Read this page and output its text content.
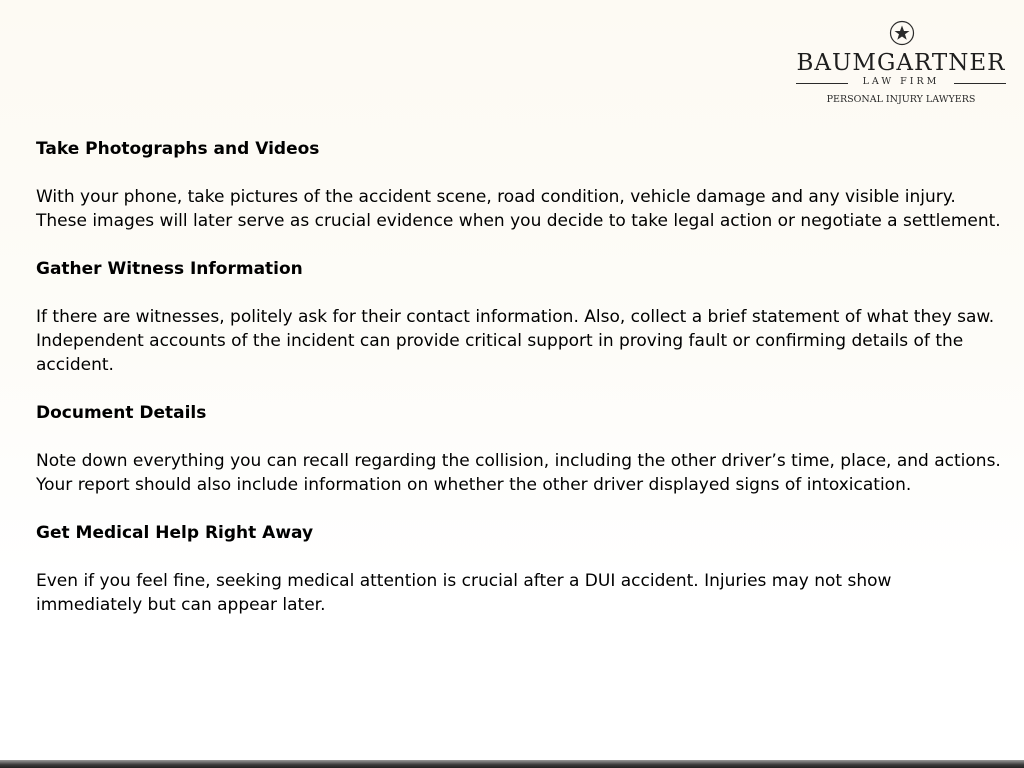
BAUMGARTNER
LAW FIRM
PERSONAL INJURY LAWYERS
Take Photographs and Videos

With your phone, take pictures of the accident scene, road condition, vehicle damage and any visible injury. These images will later serve as crucial evidence when you decide to take legal action or negotiate a settlement.

Gather Witness Information

If there are witnesses, politely ask for their contact information. Also, collect a brief statement of what they saw. Independent accounts of the incident can provide critical support in proving fault or confirming details of the accident.

Document Details

Note down everything you can recall regarding the collision, including the other driver’s time, place, and actions. Your report should also include information on whether the other driver displayed signs of intoxication.

Get Medical Help Right Away

Even if you feel fine, seeking medical attention is crucial after a DUI accident. Injuries may not show immediately but can appear later.
